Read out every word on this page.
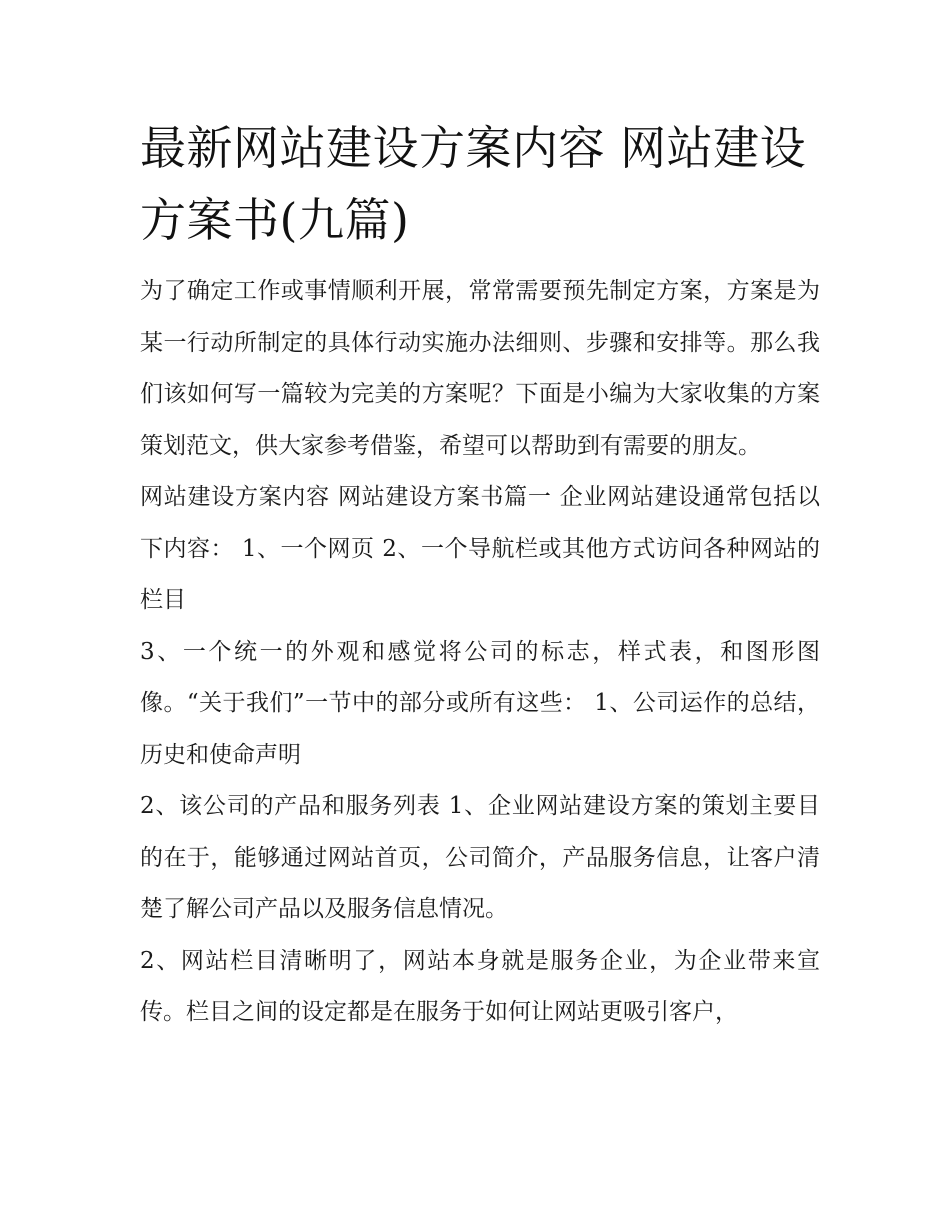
最新网站建设方案内容 网站建设方案书(九篇)

为了确定工作或事情顺利开展，常常需要预先制定方案，方案是为某一行动所制定的具体行动实施办法细则、步骤和安排等。那么我们该如何写一篇较为完美的方案呢？下面是小编为大家收集的方案策划范文，供大家参考借鉴，希望可以帮助到有需要的朋友。

网站建设方案内容 网站建设方案书篇一 企业网站建设通常包括以下内容： 1、一个网页 2、一个导航栏或其他方式访问各种网站的栏目

3、一个统一的外观和感觉将公司的标志，样式表，和图形图像。“关于我们”一节中的部分或所有这些： 1、公司运作的总结，历史和使命声明

2、该公司的产品和服务列表 1、企业网站建设方案的策划主要目的在于，能够通过网站首页，公司简介，产品服务信息，让客户清楚了解公司产品以及服务信息情况。

2、网站栏目清晰明了，网站本身就是服务企业，为企业带来宣传。栏目之间的设定都是在服务于如何让网站更吸引客户，
